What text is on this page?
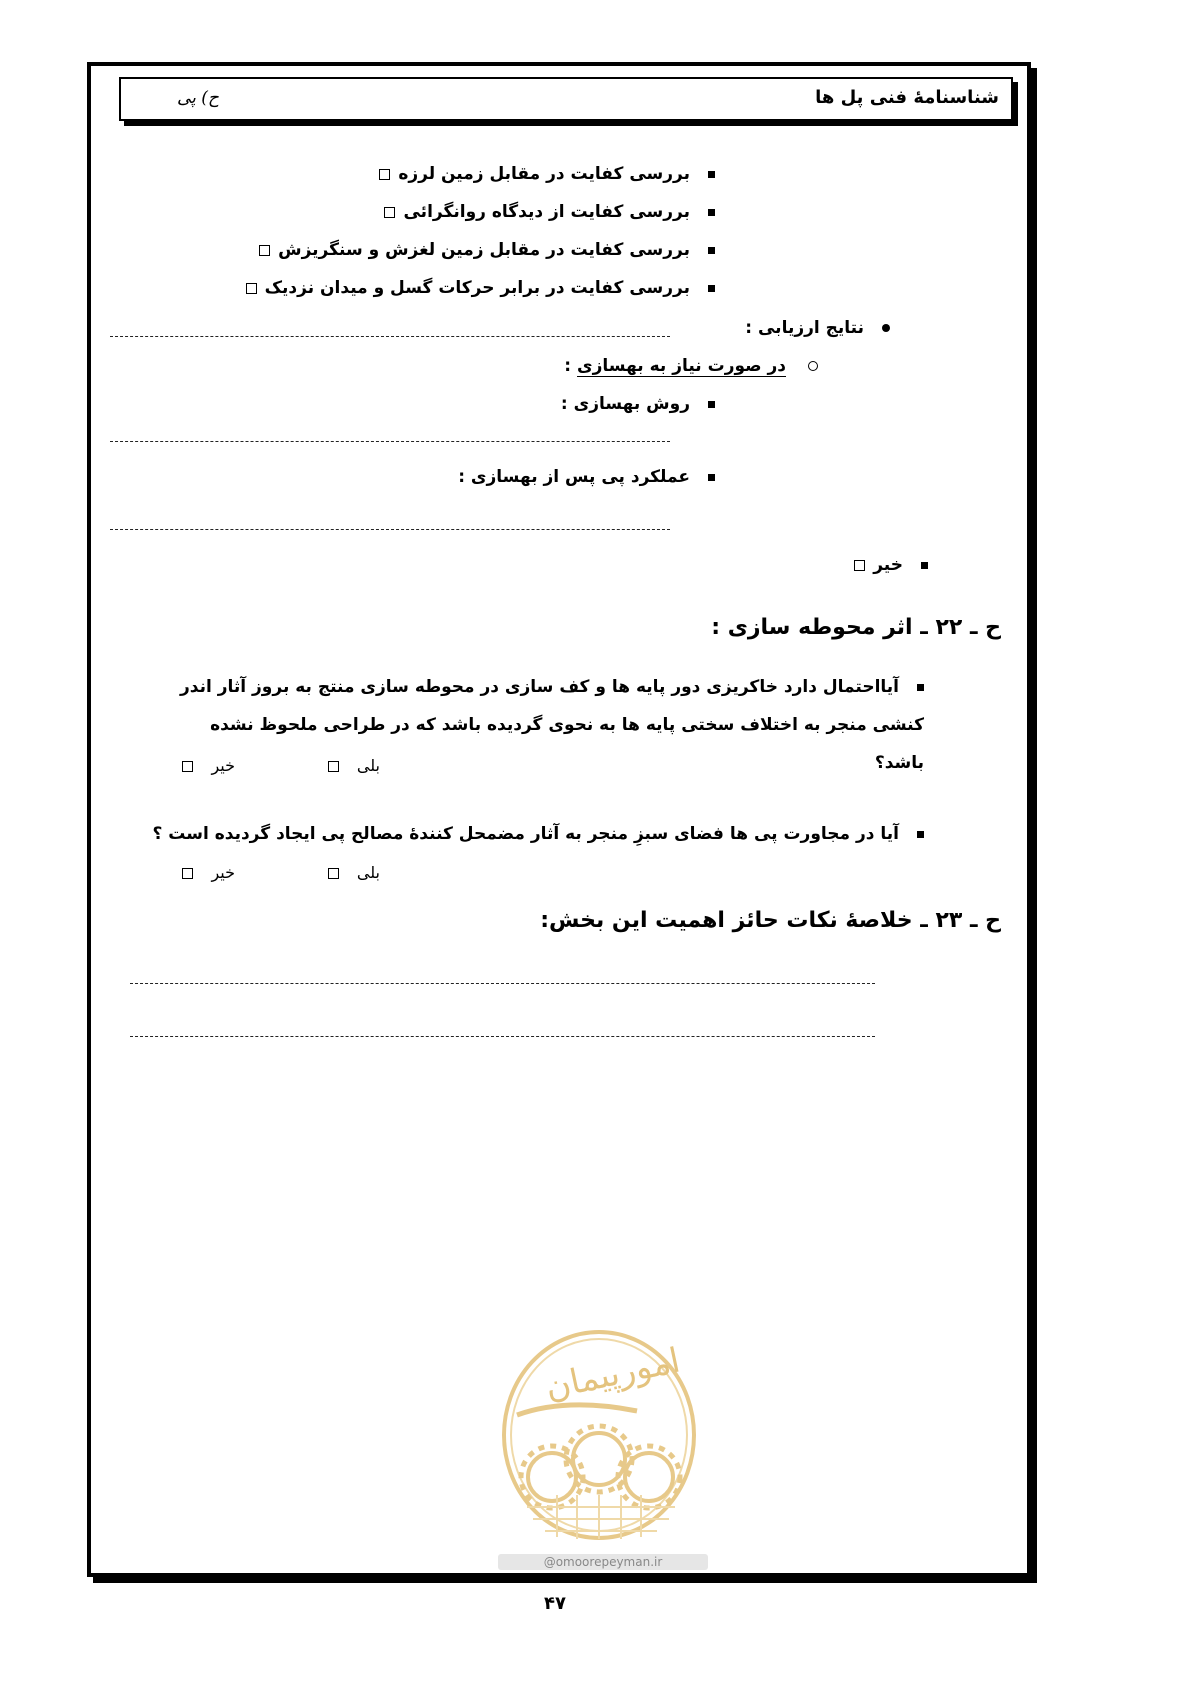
شناسنامۀ فنی پل ها
ح) پی
بررسی کفایت در مقابل زمین لرزه
بررسی کفایت از دیدگاه روانگرائی
بررسی کفایت در مقابل زمین لغزش و سنگریزش
بررسی کفایت در برابر حرکات گسل و میدان نزدیک
نتایج ارزیابی :
در صورت نیاز به بهسازی :
روش بهسازی :
عملکرد پی پس از بهسازی :
خیر
ح ـ ۲۲ ـ اثر محوطه سازی :
آیااحتمال دارد خاکریزی دور پایه ها و کف سازی در محوطه سازی منتج به بروز آثار اندر کنشی منجر به اختلاف سختی پایه ها به نحوی گردیده باشد که در طراحی ملحوظ نشده باشد؟
بلی
خیر
آیا در مجاورت پی ها فضای سبزِ منجر به آثار مضمحل کنندۀ مصالح پی ایجاد گردیده است ؟
بلی
خیر
ح ـ ۲۳ ـ خلاصۀ نکات حائز اهمیت این بخش:
امورپیمان
@omoorepeyman.ir
۴۷
